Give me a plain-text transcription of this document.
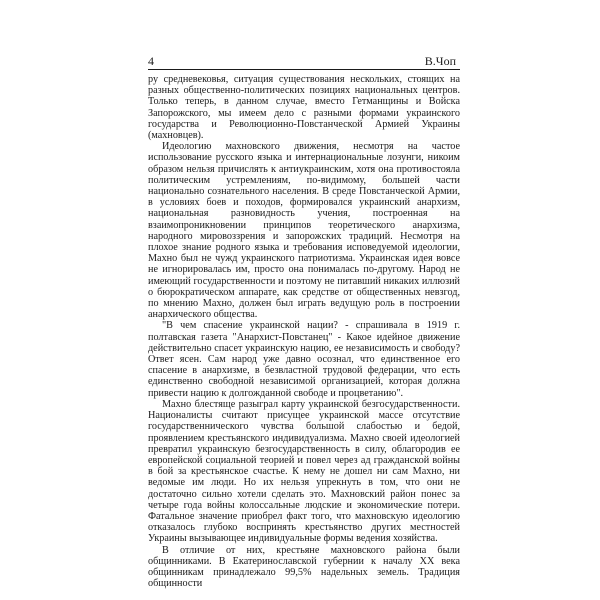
4	В.Чоп

ру средневековья, ситуация существования нескольких, стоящих на разных общественно-политических позициях национальных центров. Только теперь, в данном случае, вместо Гетманщины и Войска Запорожского, мы имеем дело с разными формами украинского государства и Революционно-Повстанческой Армией Украины (махновцев).

Идеологию махновского движения, несмотря на частое использование русского языка и интернациональные лозунги, никоим образом нельзя причислять к антиукраинским, хотя она противостояла политическим устремлениям, по-видимому, большей части национально сознательного населения. В среде Повстанческой Армии, в условиях боев и походов, формировался украинский анархизм, национальная разновидность учения, построенная на взаимопроникновении принципов теоретического анархизма, народного мировоззрения и запорожских традиций. Несмотря на плохое знание родного языка и требования исповедуемой идеологии, Махно был не чужд украинского патриотизма. Украинская идея вовсе не игнорировалась им, просто она понималась по-другому. Народ не имеющий государственности и поэтому не питавший никаких иллюзий о бюрократическом аппарате, как средстве от общественных невзгод, по мнению Махно, должен был играть ведущую роль в построении анархического общества.

"В чем спасение украинской нации? - спрашивала в 1919 г. полтавская газета "Анархист-Повстанец" - Какое идейное движение действительно спасет украинскую нацию, ее независимость и свободу? Ответ ясен. Сам народ уже давно осознал, что единственное его спасение в анархизме, в безвластной трудовой федерации, что есть единственно свободной независимой организацией, которая должна привести нацию к долгожданной свободе и процветанию".

Махно блестяще разыграл карту украинской безгосударственности. Националисты считают присущее украинской массе отсутствие государственнического чувства большой слабостью и бедой, проявлением крестьянского индивидуализма. Махно своей идеологией превратил украинскую безгосударственность в силу, облагородив ее европейской социальной теорией и повел через ад гражданской войны в бой за крестьянское счастье. К нему не дошел ни сам Махно, ни ведомые им люди. Но их нельзя упрекнуть в том, что они не достаточно сильно хотели сделать это. Махновский район понес за четыре года войны колоссальные людские и экономические потери. Фатальное значение приобрел факт того, что махновскую идеологию отказалось глубоко воспринять крестьянство других местностей Украины вызывающее индивидуальные формы ведения хозяйства.

В отличие от них, крестьяне махновского района были общинниками. В Екатеринославской губернии к началу XX века общинникам принадлежало 99,5% надельных земель. Традиция общинности
